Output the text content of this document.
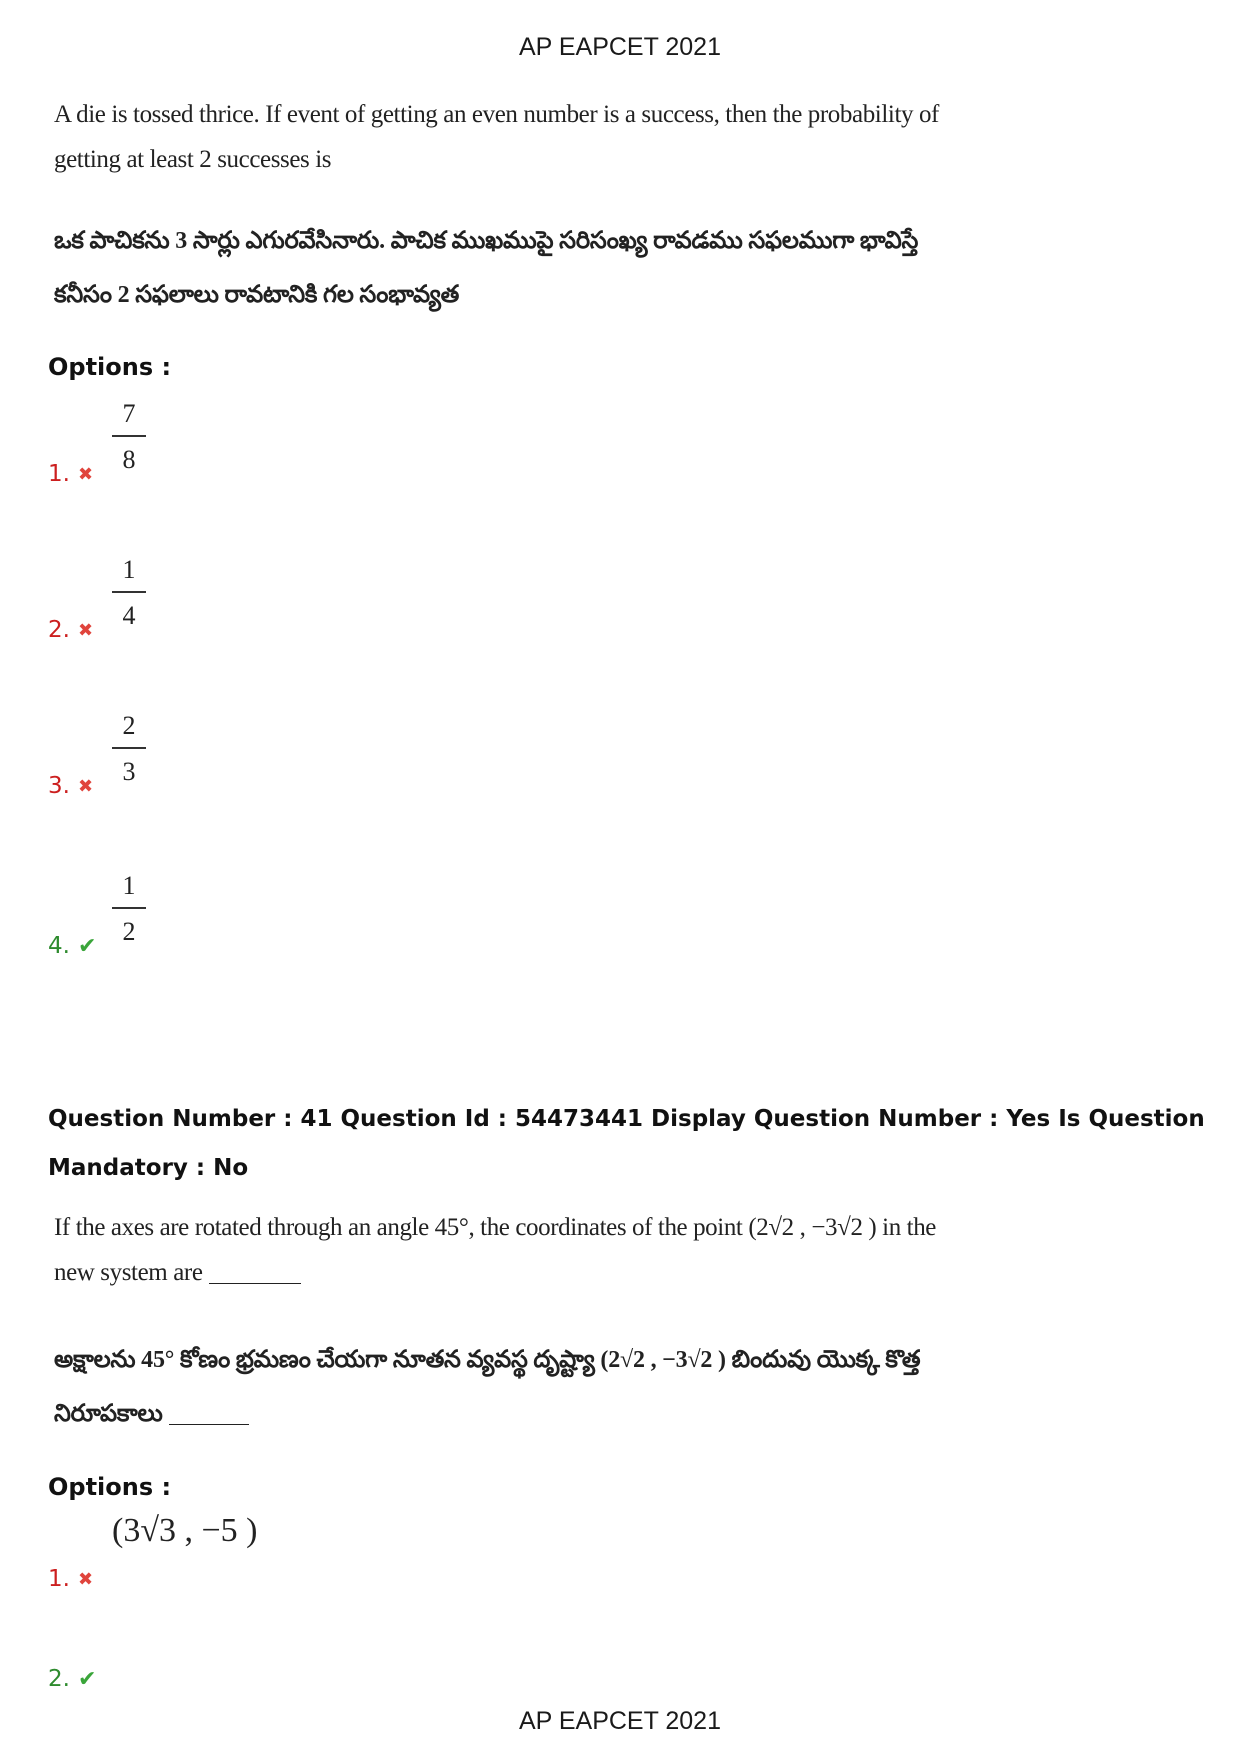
AP EAPCET 2021
A die is tossed thrice. If event of getting an even number is a success, then the probability of
getting at least 2 successes is
ఒక పాచికను 3 సార్లు ఎగురవేసినారు. పాచిక ముఖముపై సరిసంఖ్య రావడము సఫలముగా భావిస్తే
కనీసం 2 సఫలాలు రావటానికి గల సంభావ్యత
Options :
1. ✖
7
8
2. ✖
1
4
3. ✖
2
3
4. ✔
1
2
Question Number : 41 Question Id : 54473441 Display Question Number : Yes Is Question
Mandatory : No
If the axes are rotated through an angle 45°, the coordinates of the point (2√2 , −3√2 ) in the
new system are
అక్షాలను 45° కోణం భ్రమణం చేయగా నూతన వ్యవస్థ దృష్ట్యా (2√2 , −3√2 ) బిందువు యొక్క కొత్త
నిరూపకాలు
Options :
1. ✖
(3√3 , −5 )
2. ✔
AP EAPCET 2021
